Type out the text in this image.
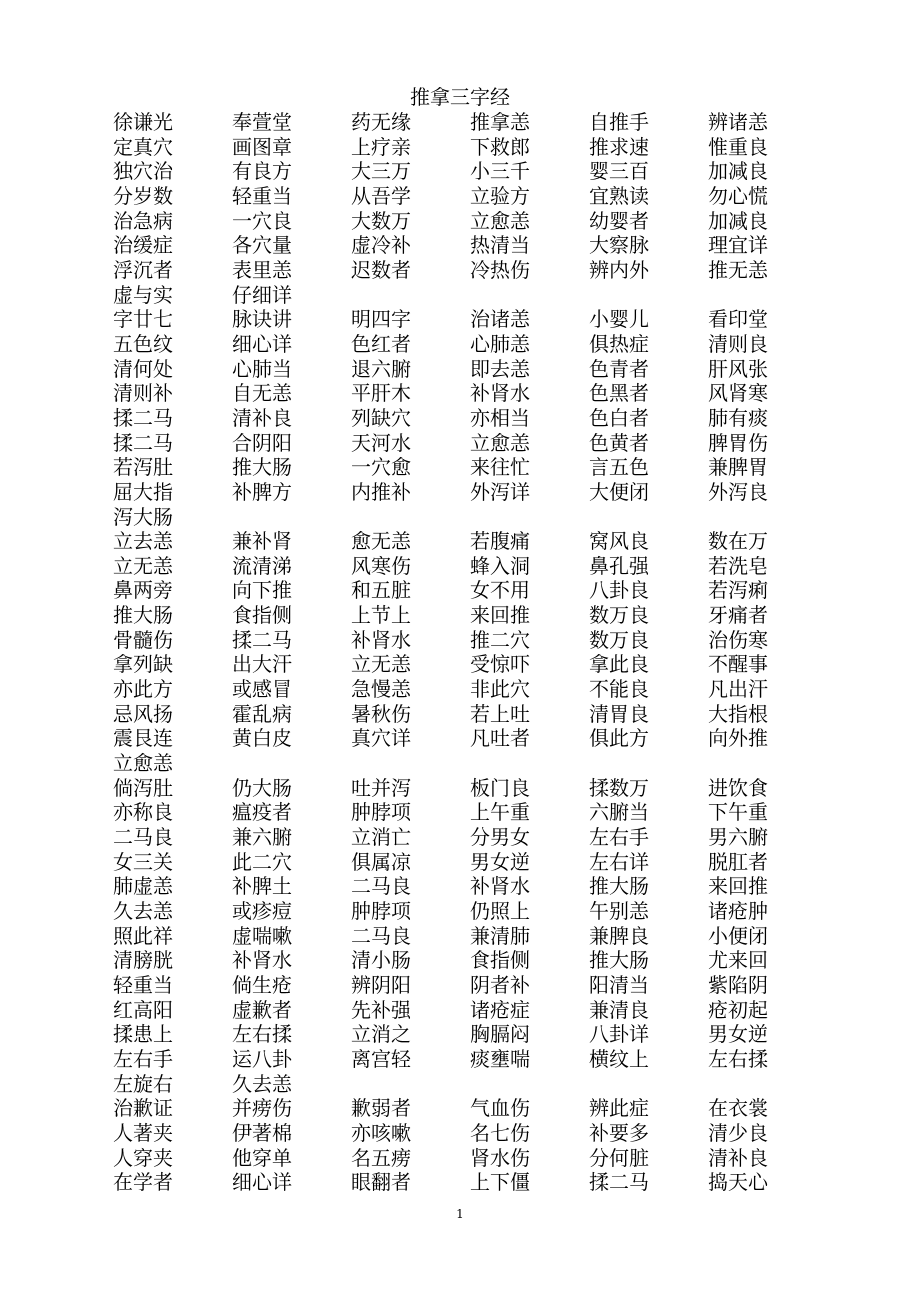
推拿三字经
徐谦光	奉萱堂	药无缘	推拿恙	自推手	辨诸恙
定真穴	画图章	上疗亲	下救郎	推求速	惟重良
独穴治	有良方	大三万	小三千	婴三百	加减良
分岁数	轻重当	从吾学	立验方	宜熟读	勿心慌
治急病	一穴良	大数万	立愈恙	幼婴者	加减良
治缓症	各穴量	虚冷补	热清当	大察脉	理宜详
浮沉者	表里恙	迟数者	冷热伤	辨内外	推无恙
虚与实	仔细详
字廿七	脉诀讲	明四字	治诸恙	小婴儿	看印堂
五色纹	细心详	色红者	心肺恙	俱热症	清则良
清何处	心肺当	退六腑	即去恙	色青者	肝风张
清则补	自无恙	平肝木	补肾水	色黑者	风肾寒
揉二马	清补良	列缺穴	亦相当	色白者	肺有痰
揉二马	合阴阳	天河水	立愈恙	色黄者	脾胃伤
若泻肚	推大肠	一穴愈	来往忙	言五色	兼脾胃
屈大指	补脾方	内推补	外泻详	大便闭	外泻良
泻大肠
立去恙	兼补肾	愈无恙	若腹痛	窝风良	数在万
立无恙	流清涕	风寒伤	蜂入洞	鼻孔强	若洗皂
鼻两旁	向下推	和五脏	女不用	八卦良	若泻痢
推大肠	食指侧	上节上	来回推	数万良	牙痛者
骨髓伤	揉二马	补肾水	推二穴	数万良	治伤寒
拿列缺	出大汗	立无恙	受惊吓	拿此良	不醒事
亦此方	或感冒	急慢恙	非此穴	不能良	凡出汗
忌风扬	霍乱病	暑秋伤	若上吐	清胃良	大指根
震艮连	黄白皮	真穴详	凡吐者	俱此方	向外推
立愈恙
倘泻肚	仍大肠	吐并泻	板门良	揉数万	进饮食
亦称良	瘟疫者	肿脖项	上午重	六腑当	下午重
二马良	兼六腑	立消亡	分男女	左右手	男六腑
女三关	此二穴	俱属凉	男女逆	左右详	脱肛者
肺虚恙	补脾土	二马良	补肾水	推大肠	来回推
久去恙	或疹痘	肿脖项	仍照上	午别恙	诸疮肿
照此祥	虚喘嗽	二马良	兼清肺	兼脾良	小便闭
清膀胱	补肾水	清小肠	食指侧	推大肠	尤来回
轻重当	倘生疮	辨阴阳	阴者补	阳清当	紫陷阴
红高阳	虚歉者	先补强	诸疮症	兼清良	疮初起
揉患上	左右揉	立消之	胸膈闷	八卦详	男女逆
左右手	运八卦	离宫轻	痰壅喘	横纹上	左右揉
左旋右	久去恙
治歉证	并痨伤	歉弱者	气血伤	辨此症	在衣裳
人著夹	伊著棉	亦咳嗽	名七伤	补要多	清少良
人穿夹	他穿单	名五痨	肾水伤	分何脏	清补良
在学者	细心详	眼翻者	上下僵	揉二马	捣天心
1
